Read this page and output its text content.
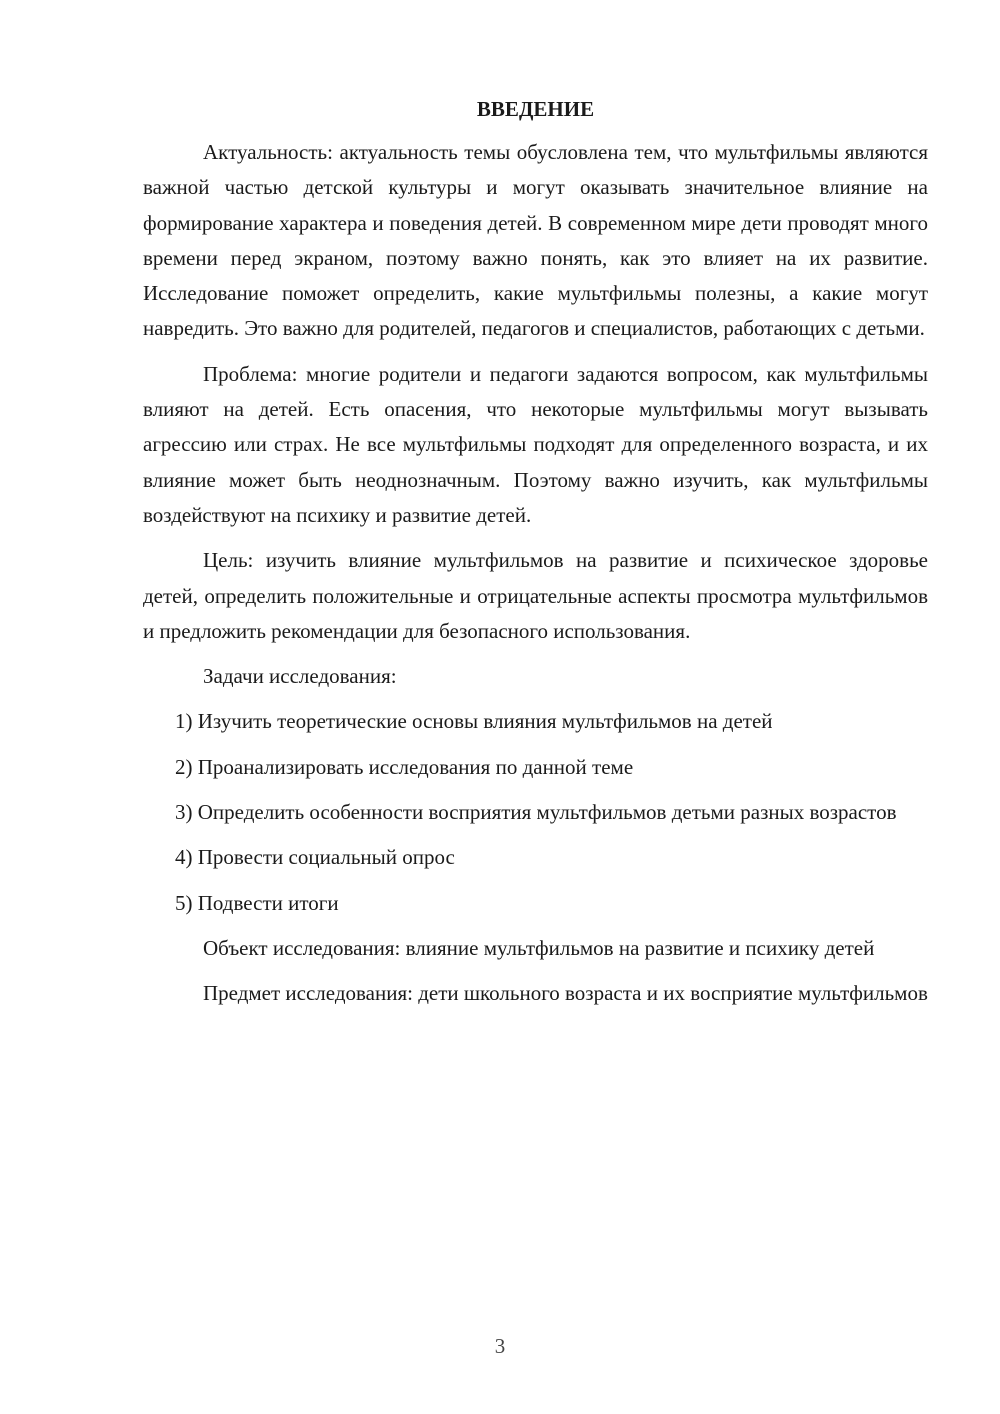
ВВЕДЕНИЕ

Актуальность: актуальность темы обусловлена тем, что мультфильмы являются важной частью детской культуры и могут оказывать значительное влияние на формирование характера и поведения детей. В современном мире дети проводят много времени перед экраном, поэтому важно понять, как это влияет на их развитие. Исследование поможет определить, какие мультфильмы полезны, а какие могут навредить. Это важно для родителей, педагогов и специалистов, работающих с детьми.

Проблема: многие родители и педагоги задаются вопросом, как мультфильмы влияют на детей. Есть опасения, что некоторые мультфильмы могут вызывать агрессию или страх. Не все мультфильмы подходят для определенного возраста, и их влияние может быть неоднозначным. Поэтому важно изучить, как мультфильмы воздействуют на психику и развитие детей.

Цель: изучить влияние мультфильмов на развитие и психическое здоровье детей, определить положительные и отрицательные аспекты просмотра мультфильмов и предложить рекомендации для безопасного использования.

Задачи исследования:

1) Изучить теоретические основы влияния мультфильмов на детей

2) Проанализировать исследования по данной теме

3) Определить особенности восприятия мультфильмов детьми разных возрастов

4) Провести социальный опрос

5) Подвести итоги

Объект исследования: влияние мультфильмов на развитие и психику детей

Предмет исследования: дети школьного возраста и их восприятие мультфильмов

3
